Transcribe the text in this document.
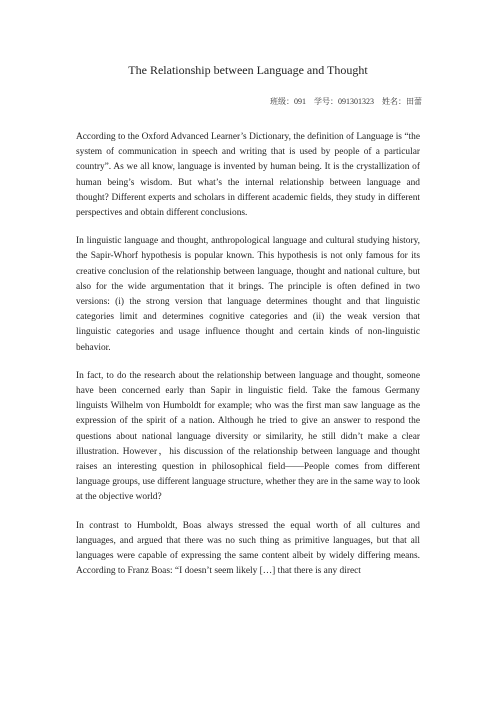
The Relationship between Language and Thought
班级：091　学号：091301323　姓名：田蕾

According to the Oxford Advanced Learner’s Dictionary, the definition of Language is “the system of communication in speech and writing that is used by people of a particular country”. As we all know, language is invented by human being. It is the crystallization of human being’s wisdom. But what’s the internal relationship between language and thought? Different experts and scholars in different academic fields, they study in different perspectives and obtain different conclusions.

In linguistic language and thought, anthropological language and cultural studying history, the Sapir-Whorf hypothesis is popular known. This hypothesis is not only famous for its creative conclusion of the relationship between language, thought and national culture, but also for the wide argumentation that it brings. The principle is often defined in two versions: (i) the strong version that language determines thought and that linguistic categories limit and determines cognitive categories and (ii) the weak version that linguistic categories and usage influence thought and certain kinds of non-linguistic behavior.

In fact, to do the research about the relationship between language and thought, someone have been concerned early than Sapir in linguistic field. Take the famous Germany linguists Wilhelm von Humboldt for example; who was the first man saw language as the expression of the spirit of a nation. Although he tried to give an answer to respond the questions about national language diversity or similarity, he still didn’t make a clear illustration. However，his discussion of the relationship between language and thought raises an interesting question in philosophical field——People comes from different language groups, use different language structure, whether they are in the same way to look at the objective world?

In contrast to Humboldt, Boas always stressed the equal worth of all cultures and languages, and argued that there was no such thing as primitive languages, but that all languages were capable of expressing the same content albeit by widely differing means. According to Franz Boas: “I doesn’t seem likely […] that there is any direct
